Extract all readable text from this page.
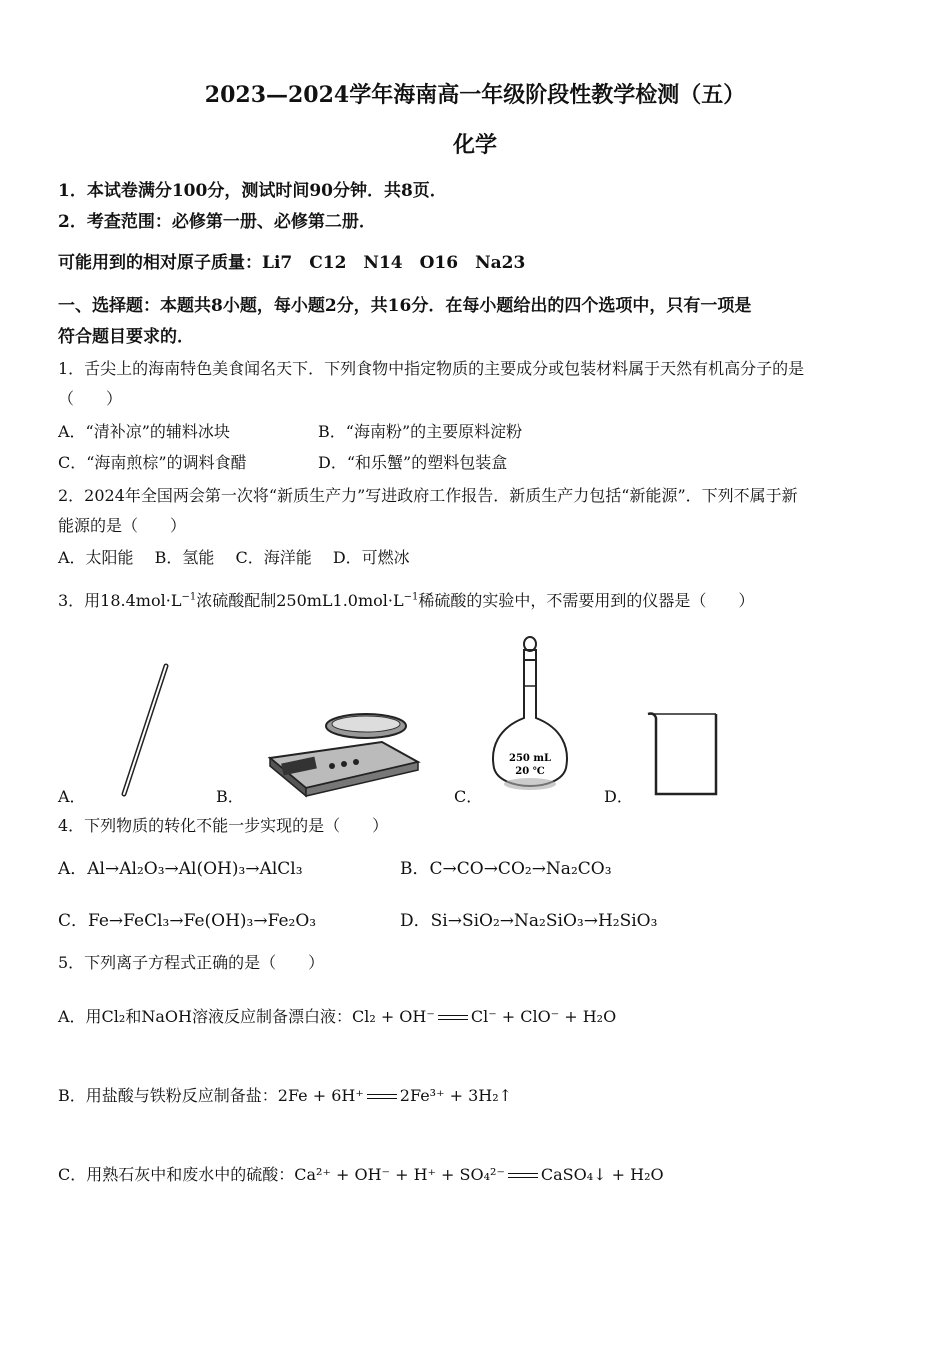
2023—2024学年海南高一年级阶段性教学检测（五）
化学
1．本试卷满分100分，测试时间90分钟．共8页．
2．考查范围：必修第一册、必修第二册．
可能用到的相对原子质量：Li7　C12　N14　O16　Na23
一、选择题：本题共8小题，每小题2分，共16分．在每小题给出的四个选项中，只有一项是
符合题目要求的．
1．舌尖上的海南特色美食闻名天下．下列食物中指定物质的主要成分或包装材料属于天然有机高分子的是
（　　）
A．“清补凉”的辅料冰块	B．“海南粉”的主要原料淀粉
C．“海南煎棕”的调料食醋	D．“和乐蟹”的塑料包装盒
2．2024年全国两会第一次将“新质生产力”写进政府工作报告．新质生产力包括“新能源”．下列不属于新
能源的是（　　）
A．太阳能　 B．氢能　 C．海洋能　 D．可燃冰
3．用$18.4mol\cdot L^{-1}$浓硫酸配制$250mL1.0mol\cdot L^{-1}$稀硫酸的实验中，不需要用到的仪器是（　　）
A．	B．	C．
250 mL
20 ℃
D．
4．下列物质的转化不能一步实现的是（　　）
A．Al→Al₂O₃→Al(OH)₃→AlCl₃	B．C→CO→CO₂→Na₂CO₃
C．Fe→FeCl₃→Fe(OH)₃→Fe₂O₃	D．Si→SiO₂→Na₂SiO₃→H₂SiO₃
5．下列离子方程式正确的是（　　）
A．用Cl₂和NaOH溶液反应制备漂白液：Cl₂ + OH⁻ Cl⁻ + ClO⁻ + H₂O
B．用盐酸与铁粉反应制备盐：2Fe + 6H⁺ 2Fe³⁺ + 3H₂↑
C．用熟石灰中和废水中的硫酸：Ca²⁺ + OH⁻ + H⁺ + SO₄²⁻ CaSO₄↓ + H₂O
